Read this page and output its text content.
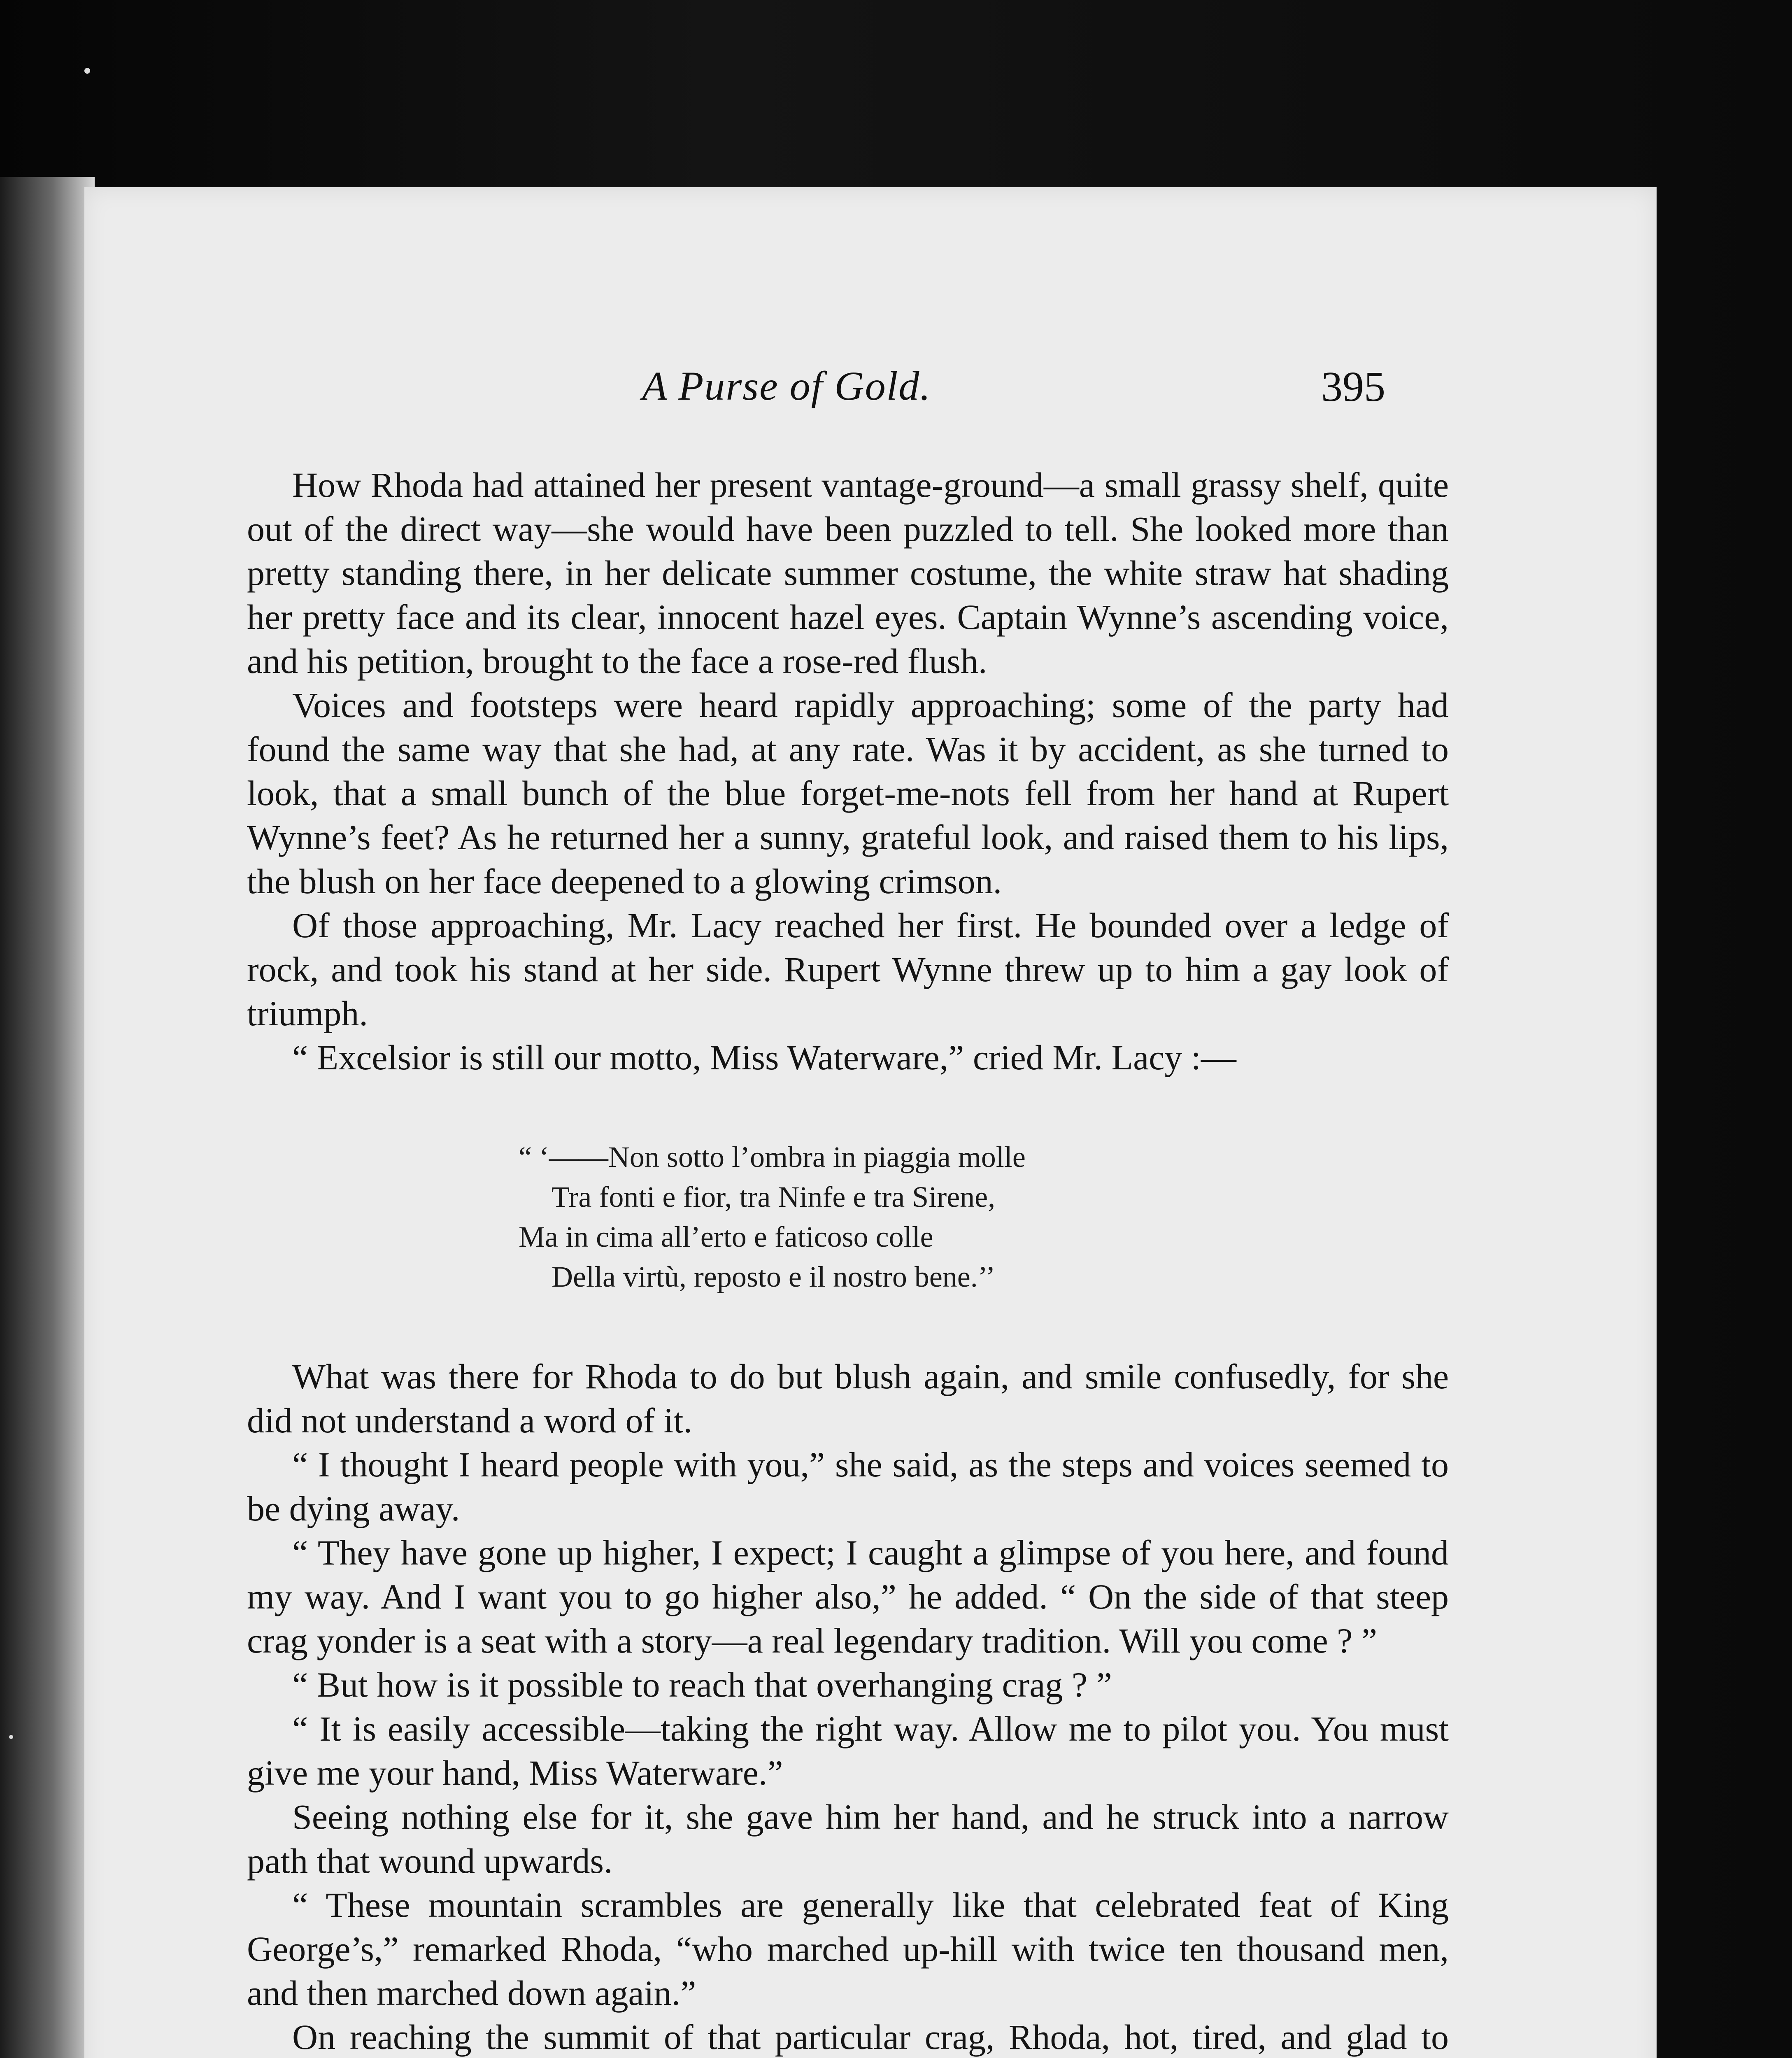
A Purse of Gold.	395

How Rhoda had attained her present vantage-ground—a small grassy shelf, quite out of the direct way—she would have been puzzled to tell. She looked more than pretty standing there, in her delicate summer costume, the white straw hat shading her pretty face and its clear, innocent hazel eyes. Captain Wynne’s ascending voice, and his petition, brought to the face a rose-red flush.

Voices and footsteps were heard rapidly approaching; some of the party had found the same way that she had, at any rate. Was it by accident, as she turned to look, that a small bunch of the blue forget-me-nots fell from her hand at Rupert Wynne’s feet? As he returned her a sunny, grateful look, and raised them to his lips, the blush on her face deepened to a glowing crimson.

Of those approaching, Mr. Lacy reached her first. He bounded over a ledge of rock, and took his stand at her side. Rupert Wynne threw up to him a gay look of triumph.

“ Excelsior is still our motto, Miss Waterware,” cried Mr. Lacy :—

“ ‘——Non sotto l’ombra in piaggia molle
Tra fonti e fior, tra Ninfe e tra Sirene,
Ma in cima all’erto e faticoso colle
Della virtù, reposto e il nostro bene.’’

What was there for Rhoda to do but blush again, and smile confusedly, for she did not understand a word of it.

“ I thought I heard people with you,” she said, as the steps and voices seemed to be dying away.

“ They have gone up higher, I expect; I caught a glimpse of you here, and found my way. And I want you to go higher also,” he added. “ On the side of that steep crag yonder is a seat with a story—a real legendary tradition. Will you come ? ”

“ But how is it possible to reach that overhanging crag ? ”

“ It is easily accessible—taking the right way. Allow me to pilot you. You must give me your hand, Miss Waterware.”

Seeing nothing else for it, she gave him her hand, and he struck into a narrow path that wound upwards.

“ These mountain scrambles are generally like that celebrated feat of King George’s,” remarked Rhoda, “who marched up-hill with twice ten thousand men, and then marched down again.”

On reaching the summit of that particular crag, Rhoda, hot, tired, and glad to
